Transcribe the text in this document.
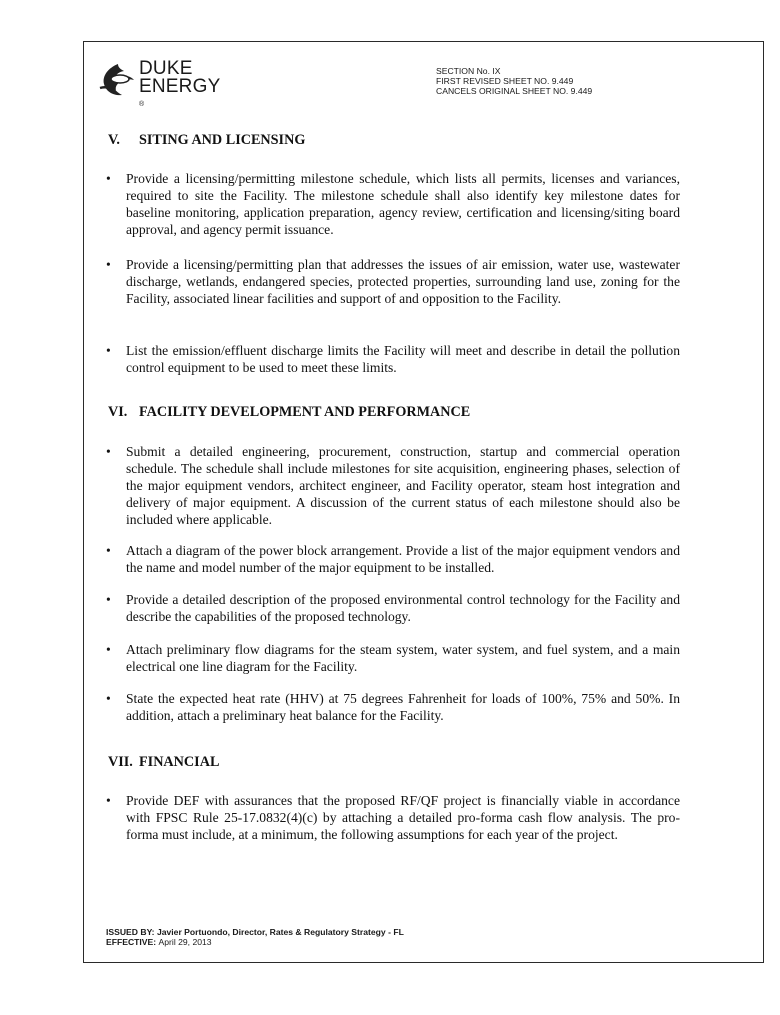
DUKE
ENERGY
®
SECTION No. IX
FIRST REVISED SHEET NO. 9.449
CANCELS ORIGINAL SHEET NO. 9.449
V. SITING AND LICENSING
•	Provide a licensing/permitting milestone schedule, which lists all permits, licenses and variances, required to site the Facility. The milestone schedule shall also identify key milestone dates for baseline monitoring, application preparation, agency review, certification and licensing/siting board approval, and agency permit issuance.
•	Provide a licensing/permitting plan that addresses the issues of air emission, water use, wastewater discharge, wetlands, endangered species, protected properties, surrounding land use, zoning for the Facility, associated linear facilities and support of and opposition to the Facility.
•	List the emission/effluent discharge limits the Facility will meet and describe in detail the pollution control equipment to be used to meet these limits.
VI. FACILITY DEVELOPMENT AND PERFORMANCE
•	Submit a detailed engineering, procurement, construction, startup and commercial operation schedule. The schedule shall include milestones for site acquisition, engineering phases, selection of the major equipment vendors, architect engineer, and Facility operator, steam host integration and delivery of major equipment. A discussion of the current status of each milestone should also be included where applicable.
•	Attach a diagram of the power block arrangement. Provide a list of the major equipment vendors and the name and model number of the major equipment to be installed.
•	Provide a detailed description of the proposed environmental control technology for the Facility and describe the capabilities of the proposed technology.
•	Attach preliminary flow diagrams for the steam system, water system, and fuel system, and a main electrical one line diagram for the Facility.
•	State the expected heat rate (HHV) at 75 degrees Fahrenheit for loads of 100%, 75% and 50%. In addition, attach a preliminary heat balance for the Facility.
VII. FINANCIAL
•	Provide DEF with assurances that the proposed RF/QF project is financially viable in accordance with FPSC Rule 25-17.0832(4)(c) by attaching a detailed pro-forma cash flow analysis. The pro-forma must include, at a minimum, the following assumptions for each year of the project.
ISSUED BY: Javier Portuondo, Director, Rates & Regulatory Strategy - FL
EFFECTIVE: April 29, 2013
